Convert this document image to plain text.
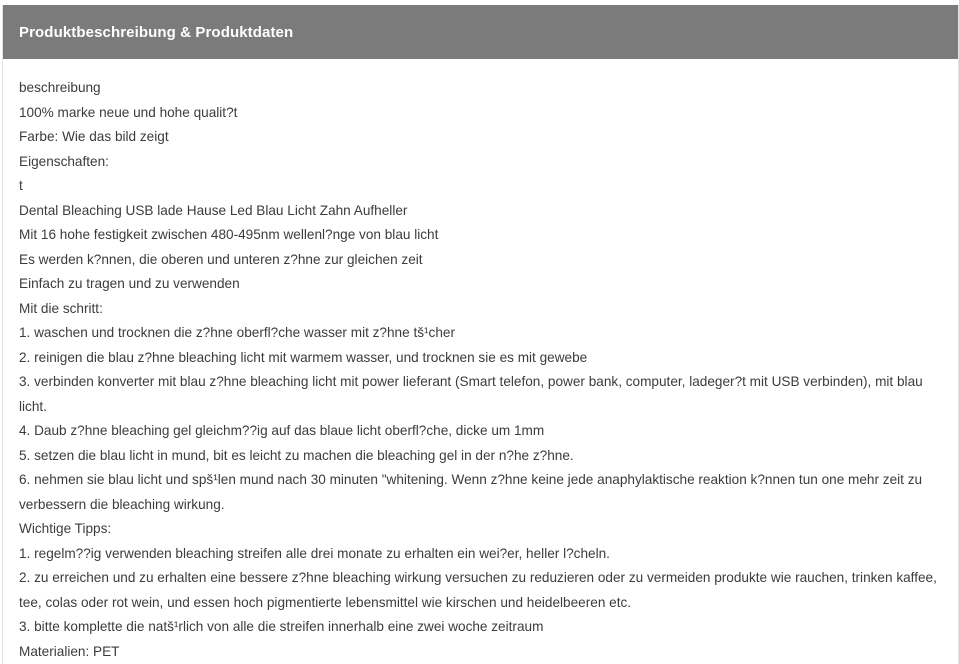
Produktbeschreibung & Produktdaten
beschreibung
100% marke neue und hohe qualit?t
Farbe: Wie das bild zeigt
Eigenschaften:
t
Dental Bleaching USB lade Hause Led Blau Licht Zahn Aufheller
Mit 16 hohe festigkeit zwischen 480-495nm wellenl?nge von blau licht
Es werden k?nnen, die oberen und unteren z?hne zur gleichen zeit
Einfach zu tragen und zu verwenden
Mit die schritt:
1. waschen und trocknen die z?hne oberfl?che wasser mit z?hne tš¹cher
2. reinigen die blau z?hne bleaching licht mit warmem wasser, und trocknen sie es mit gewebe
3. verbinden konverter mit blau z?hne bleaching licht mit power lieferant (Smart telefon, power bank, computer, ladeger?t mit USB verbinden), mit blau licht.
4. Daub z?hne bleaching gel gleichm??ig auf das blaue licht oberfl?che, dicke um 1mm
5. setzen die blau licht in mund, bit es leicht zu machen die bleaching gel in der n?he z?hne.
6. nehmen sie blau licht und spš¹len mund nach 30 minuten "whitening. Wenn z?hne keine jede anaphylaktische reaktion k?nnen tun one mehr zeit zu verbessern die bleaching wirkung.
Wichtige Tipps:
1. regelm??ig verwenden bleaching streifen alle drei monate zu erhalten ein wei?er, heller l?cheln.
2. zu erreichen und zu erhalten eine bessere z?hne bleaching wirkung versuchen zu reduzieren oder zu vermeiden produkte wie rauchen, trinken kaffee, tee, colas oder rot wein, und essen hoch pigmentierte lebensmittel wie kirschen und heidelbeeren etc.
3. bitte komplette die natš¹rlich von alle die streifen innerhalb eine zwei woche zeitraum
Materialien: PET
